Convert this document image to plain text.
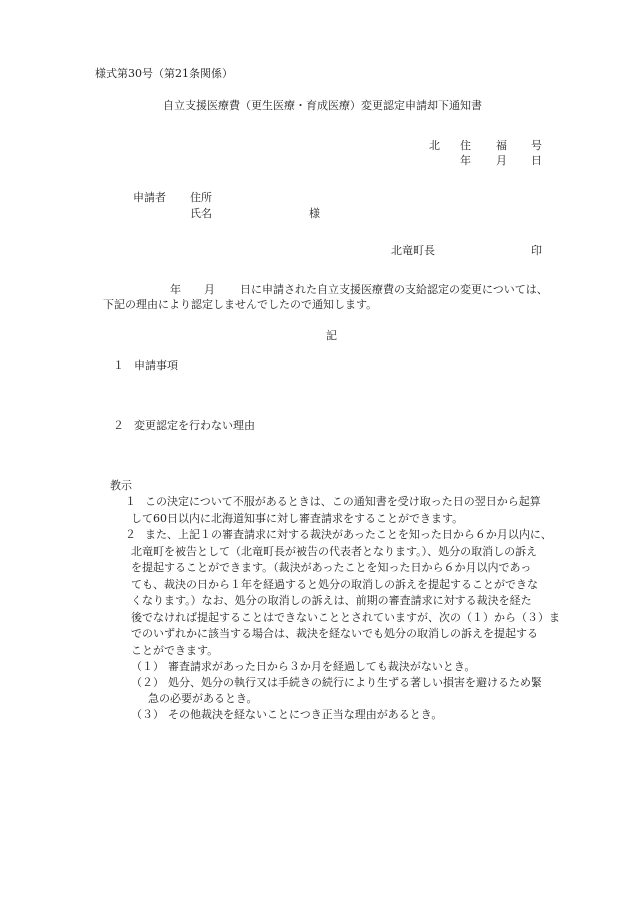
様式第30号（第21条関係）
自立支援医療費（更生医療・育成医療）変更認定申請却下通知書
北 住 福 号
年 月 日
申請者 住所
氏名	様
北竜町長	印
年 月 日に申請された自立支援医療費の支給認定の変更については、
下記の理由により認定しませんでしたので通知します。
記
１ 申請事項
２ 変更認定を行わない理由
教示
１ この決定について不服があるときは、この通知書を受け取った日の翌日から起算
して60日以内に北海道知事に対し審査請求をすることができます。
２ また、上記１の審査請求に対する裁決があったことを知った日から６か月以内に、
北竜町を被告として（北竜町長が被告の代表者となります。）、処分の取消しの訴え
を提起することができます。（裁決があったことを知った日から６か月以内であっ
ても、裁決の日から１年を経過すると処分の取消しの訴えを提起することができな
くなります。）なお、処分の取消しの訴えは、前期の審査請求に対する裁決を経た
後でなければ提起することはできないこととされていますが、次の（１）から（３）ま
でのいずれかに該当する場合は、裁決を経ないでも処分の取消しの訴えを提起する
ことができます。
（１） 審査請求があった日から３か月を経過しても裁決がないとき。
（２） 処分、処分の執行又は手続きの続行により生ずる著しい損害を避けるため緊
急の必要があるとき。
（３） その他裁決を経ないことにつき正当な理由があるとき。
